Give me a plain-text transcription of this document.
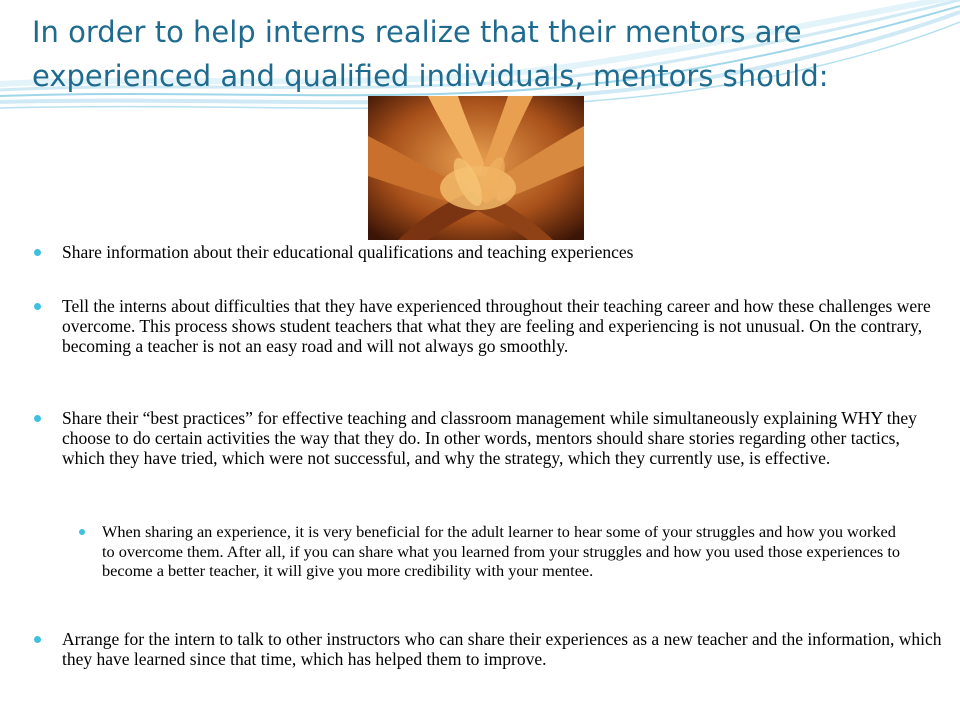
In order to help interns realize that their mentors are experienced and qualified individuals, mentors should:

Share information about their educational qualifications and teaching experiences

Tell the interns about difficulties that they have experienced throughout their teaching career and how these challenges were overcome. This process shows student teachers that what they are feeling and experiencing is not unusual. On the contrary, becoming a teacher is not an easy road and will not always go smoothly.

Share their “best practices” for effective teaching and classroom management while simultaneously explaining WHY they choose to do certain activities the way that they do. In other words, mentors should share stories regarding other tactics, which they have tried, which were not successful, and why the strategy, which they currently use, is effective.

When sharing an experience, it is very beneficial for the adult learner to hear some of your struggles and how you worked to overcome them. After all, if you can share what you learned from your struggles and how you used those experiences to become a better teacher, it will give you more credibility with your mentee.

Arrange for the intern to talk to other instructors who can share their experiences as a new teacher and the information, which they have learned since that time, which has helped them to improve.
